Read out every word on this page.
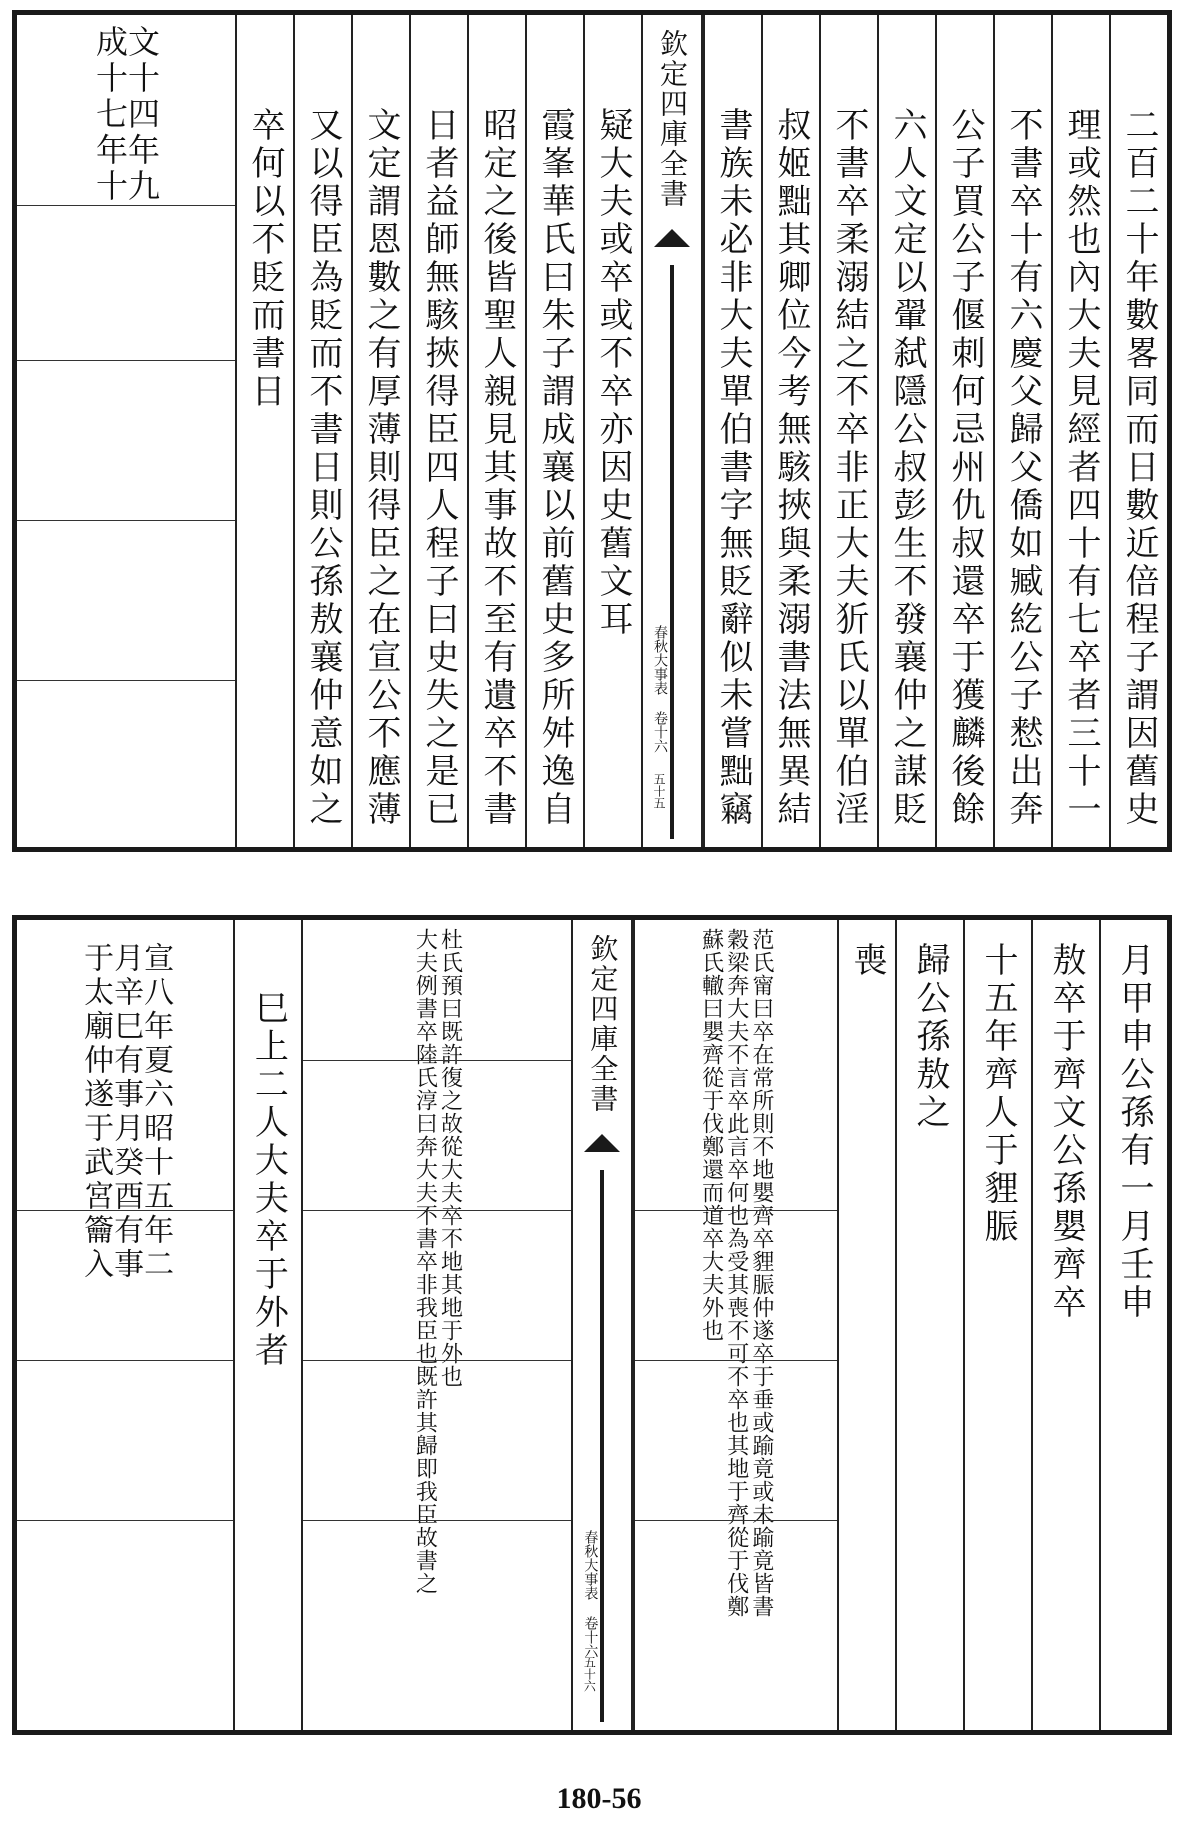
二百二十年數畧同而日數近倍程子謂因舊史
理或然也內大夫見經者四十有七卒者三十一
不書卒十有六慶父歸父僑如臧紇公子慭出奔
公子買公子偃刺何忌州仇叔還卒于獲麟後餘
六人文定以翬弑隱公叔彭生不發襄仲之謀貶
不書卒柔溺結之不卒非正大夫㹞氏以單伯淫
叔姬黜其卿位今考無駭挾與柔溺書法無異結
書族未必非大夫單伯書字無貶辭似未嘗黜竊
欽定四庫全書
春秋大事表 卷十六
五十五
疑大夫或卒或不卒亦因史舊文耳
霞峯華氏曰朱子謂成襄以前舊史多所舛逸自
昭定之後皆聖人親見其事故不至有遺卒不書
日者益師無駭挾得臣四人程子曰史失之是已
文定謂恩數之有厚薄則得臣之在宣公不應薄
又以得臣為貶而不書日則公孫敖襄仲意如之
卒何以不貶而書日
文十四年九
成十七年十
月甲申公孫有一月壬申
敖卒于齊文公孫嬰齊卒
十五年齊人于貍脤
歸公孫敖之
喪
范氏甯曰卒在常所則不地嬰齊卒貍脤仲遂卒于垂或踰竟或未踰竟皆書
穀梁奔大夫不言卒此言卒何也為受其喪不可不卒也其地于齊從于伐鄭
蘇氏轍曰嬰齊從于伐鄭還而道卒大夫外也
欽定四庫全書
春秋大事表 卷十六
五十六
杜氏預曰既許復之故從大夫卒不地其地于外也
大夫例書卒陸氏淳曰奔大夫不書卒非我臣也既許其歸即我臣故書之
巳上二人大夫卒于外者
宣八年夏六昭十五年二
月辛巳有事月癸酉有事
于太廟仲遂于武宮籥入
180-56
